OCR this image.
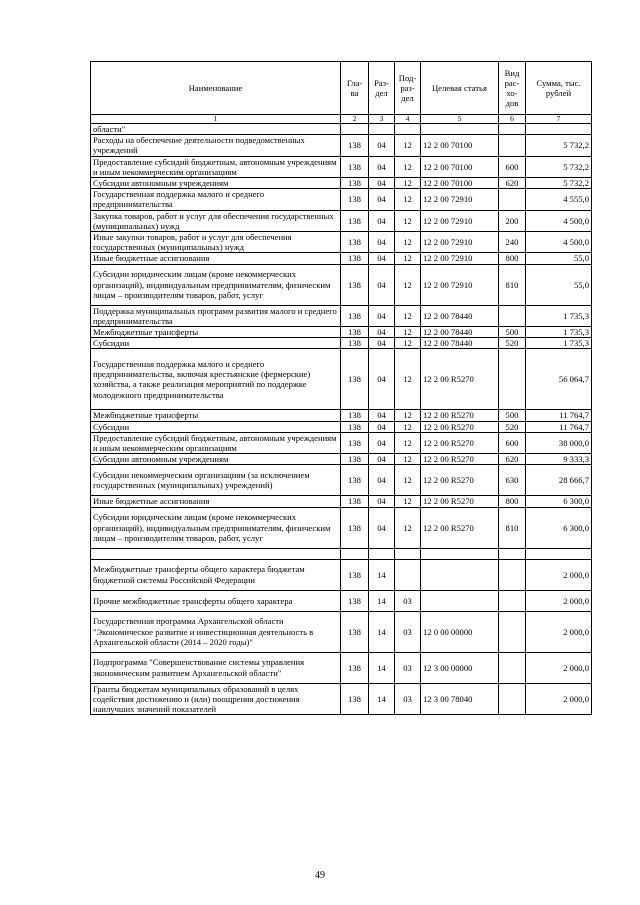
Наименование	Гла-ва	Раз-дел	Под-раз-дел	Целевая статья	Вид рас-хо-дов	Сумма, тыс. рублей
1	2	3	4	5	6	7
области"						
Расходы на обеспечение деятельности подведомственных учреждений	138	04	12	12 2 00 70100		5 732,2
Предоставление субсидий бюджетным, автономным учреждениям и иным некоммерческим организациям	138	04	12	12 2 00 70100	600	5 732,2
Субсидии автономным учреждениям	138	04	12	12 2 00 70100	620	5 732,2
Государственная поддержка малого и среднего предпринимательства	138	04	12	12 2 00 72910		4 555,0
Закупка товаров, работ и услуг для обеспечения государственных (муниципальных) нужд	138	04	12	12 2 00 72910	200	4 500,0
Иные закупки товаров, работ и услуг для обеспечения государственных (муниципальных) нужд	138	04	12	12 2 00 72910	240	4 500,0
Иные бюджетные ассигнования	138	04	12	12 2 00 72910	800	55,0
Субсидии юридическим лицам (кроме некоммерческих организаций), индивидуальным предпринимателям, физическим лицам – производителям товаров, работ, услуг	138	04	12	12 2 00 72910	810	55,0
Поддержка муниципальных программ развития малого и среднего предпринимательства	138	04	12	12 2 00 78440		1 735,3
Межбюджетные трансферты	138	04	12	12 2 00 78440	500	1 735,3
Субсидии	138	04	12	12 2 00 78440	520	1 735,3
Государственная поддержка малого и среднего предпринимательства, включая крестьянские (фермерские) хозяйства, а также реализация мероприятий по поддержке молодежного предпринимательства	138	04	12	12 2 00 R5270		56 064,7
Межбюджетные трансферты	138	04	12	12 2 00 R5270	500	11 764,7
Субсидии	138	04	12	12 2 00 R5270	520	11 764,7
Предоставление субсидий бюджетным, автономным учреждениям и иным некоммерческим организациям	138	04	12	12 2 00 R5270	600	38 000,0
Субсидии автономным учреждениям	138	04	12	12 2 00 R5270	620	9 333,3
Субсидии некоммерческим организациям (за исключением государственных (муниципальных) учреждений)	138	04	12	12 2 00 R5270	630	28 666,7
Иные бюджетные ассигнования	138	04	12	12 2 00 R5270	800	6 300,0
Субсидии юридическим лицам (кроме некоммерческих организаций), индивидуальным предпринимателям, физическим лицам – производителям товаров, работ, услуг	138	04	12	12 2 00 R5270	810	6 300,0

Межбюджетные трансферты общего характера бюджетам бюджетной системы Российской Федерации	138	14				2 000,0
Прочие межбюджетные трансферты общего характера	138	14	03			2 000,0
Государственная программа Архангельской области "Экономическое развитие и инвестиционная деятельность в Архангельской области (2014 – 2020 годы)"	138	14	03	12 0 00 00000		2 000,0
Подпрограмма "Совершенствование системы управления экономическим развитием Архангельской области"	138	14	03	12 3 00 00000		2 000,0
Гранты бюджетам муниципальных образований в целях содействия достижению и (или) поощрения достижения наилучших значений показателей	138	14	03	12 3 00 78040		2 000,0
49
